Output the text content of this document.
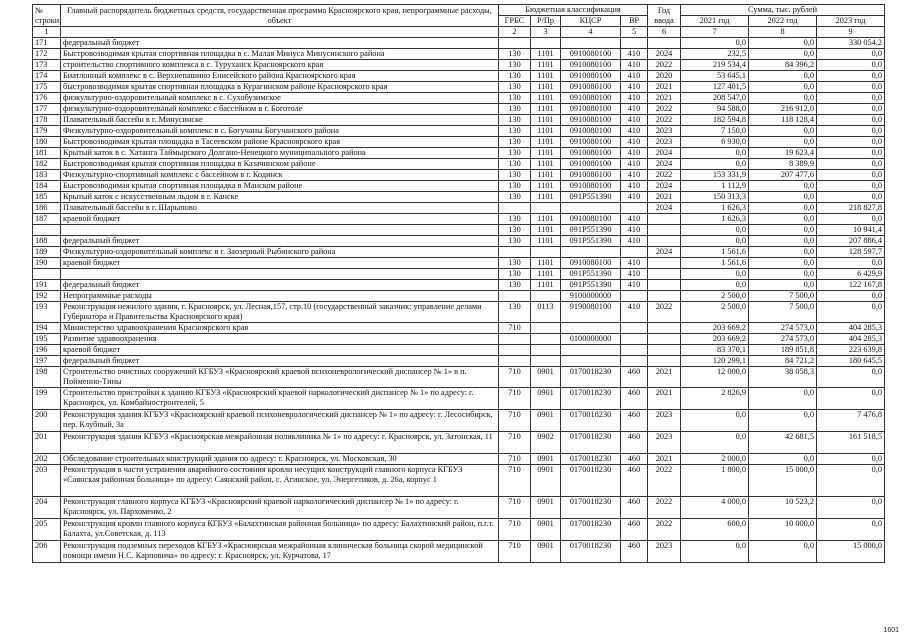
№
строки	Главный распорядитель бюджетных средств, государственная программа Красноярского края, непрограммные расходы, объект	Бюджетная классификация				Год ввода	Сумма, тыс. рублей		
		ГРБС	Р/Пр	КЦСР	ВР		2021 год	2022 год	2023 год
1		2	3	4	5	6	7	8	9
171	федеральный бюджет						0,0	0,0	330 054,2
172	Быстровозводимая крытая спортивная площадка в с. Малая Минуса Минусинского района	130	1101	0910080100	410	2024	232,5	0,0	0,0
173	строительство спортивного комплекса в с. Туруханск Красноярского края	130	1101	0910080100	410	2022	219 534,4	84 396,2	0,0
174	Биатлонный комплекс в с. Верхнепашино Енисейского района Красноярского края	130	1101	0910080100	410	2020	53 645,1	0,0	0,0
175	быстровозводимая крытая спортивная площадка в Курагинском районе Красноярского края	130	1101	0910080100	410	2021	127 401,5	0,0	0,0
176	физкультурно-оздоровительный комплекс в с. Сухобузимское	130	1101	0910080100	410	2021	208 547,0	0,0	0,0
177	физкультурно-оздоровительный комплекс с бассейном в г. Боготоле	130	1101	0910080100	410	2022	94 588,0	216 912,0	0,0
178	Плавательный бассейн в г. Минусинске	130	1101	0910080100	410	2022	182 594,8	118 128,4	0,0
179	Физкультурно-оздоровительный комплекс в с. Богучаны Богучанского района	130	1101	0910080100	410	2023	7 150,0	0,0	0,0
180	Быстровозводимая крытая площадка в Тасеевском районе Красноярского края	130	1101	0910080100	410	2023	6 930,0	0,0	0,0
181	Крытый каток в с. Хатанга Таймырского Долгано-Ненецкого муниципального района	130	1101	0910080100	410	2024	0,0	19 623,4	0,0
182	Быстровозводимая крытая спортивная площадка в Казачинском районе	130	1101	0910080100	410	2024	0,0	8 389,9	0,0
183	Физкультурно-спортивный комплекс с бассейном в г. Кодинск	130	1101	0910080100	410	2022	153 331,9	207 477,6	0,0
184	Быстровозводимая крытая спортивная площадка в Манском районе	130	1101	0910080100	410	2024	1 112,9	0,0	0,0
185	Крытый каток с искусственным льдом в г. Канске	130	1101	091P551390	410	2021	150 313,3	0,0	0,0
186	Плавательный бассейн в г. Шарыпово					2024	1 626,3	0,0	218 827,8
187	краевой бюджет	130	1101	0910080100	410		1 626,3	0,0	0,0
		130	1101	091P551390	410		0,0	0,0	10 941,4
188	федеральный бюджет	130	1101	091P551390	410		0,0	0,0	207 886,4
189	Физкультурно-оздоровительный комплекс в г. Заозерный Рыбинского района					2024	1 561,6	0,0	128 597,7
190	краевой бюджет	130	1101	0910080100	410		1 561,6	0,0	0,0
		130	1101	091P551390	410		0,0	0,0	6 429,9
191	федеральный бюджет	130	1101	091P551390	410		0,0	0,0	122 167,8
192	Непрограммные расходы			9100000000			2 500,0	7 500,0	0,0
193	Реконструкция нежилого здания, г. Красноярск, ул. Лесная,157, стр.10 (государственный заказчик: управление делами Губернатора и Правительства Красноярского края)	130	0113	9190080100	410	2022	2 500,0	7 500,0	0,0
194	Министерство здравоохранения Красноярского края	710					203 669,2	274 573,0	404 285,3
195	Развитие здравоохранения			0100000000			203 669,2	274 573,0	404 285,3
196	краевой бюджет						83 370,1	189 851,8	223 639,8
197	федеральный бюджет						120 299,1	84 721,2	180 645,5
198	Строительство очистных сооружений КГБУЗ «Красноярский краевой психоневрологический диспансер № 1» в п. Пойменно-Тины	710	0901	0170018230	460	2021	12 000,0	38 058,3	0,0
199	Строительство пристройки к зданию КГБУЗ «Красноярский краевой наркологический диспансер № 1» по адресу: г. Красноярск, ул. Комбайностроителей, 5	710	0901	0170018230	460	2021	2 826,9	0,0	0,0
200	Реконструкция здания КГБУЗ «Красноярский краевой психоневрологический диспансер № 1» по адресу: г. Лесосибирск, пер. Клубный, 3а	710	0901	0170018230	460	2023	0,0	0,0	7 476,8
201	Реконструкция здания КГБУЗ «Красноярская межрайонная поликлиника № 1» по адресу: г. Красноярск, ул. Затонская, 11	710	0902	0170018230	460	2023	0,0	42 681,5	161 518,5
202	Обследование строительных конструкций здания по адресу: г. Красноярск, ул. Московская, 30	710	0901	0170018230	460	2021	2 000,0	0,0	0,0
203	Реконструкция в части устранения аварийного состояния кровли несущих конструкций главного корпуса КГБУЗ «Саянская районная больница» по адресу: Саянский район, с. Агинское, ул. Энергетиков, д. 26а, корпус 1	710	0901	0170018230	460	2022	1 800,0	15 000,0	0,0
204	Реконструкция главного корпуса КГБУЗ «Красноярский краевой наркологический диспансер № 1» по адресу: г. Красноярск, ул. Пархоменко, 2	710	0901	0170018230	460	2022	4 000,0	10 523,2	0,0
205	Реконструкция кровли главного корпуса КГБУЗ «Балахтинская районная больница» по адресу: Балахтинский район, п.г.т. Балахта, ул.Советская, д. 113	710	0901	0170018230	460	2022	600,0	10 000,0	0,0
206	Реконструкция подземных переходов КГБУЗ «Красноярская межрайонная клиническая больница скорой медицинской помощи имени Н.С. Карповича» по адресу: г. Красноярск, ул. Курчатова, 17	710	0901	0170018230	460	2023	0,0	0,0	15 000,0
1601
